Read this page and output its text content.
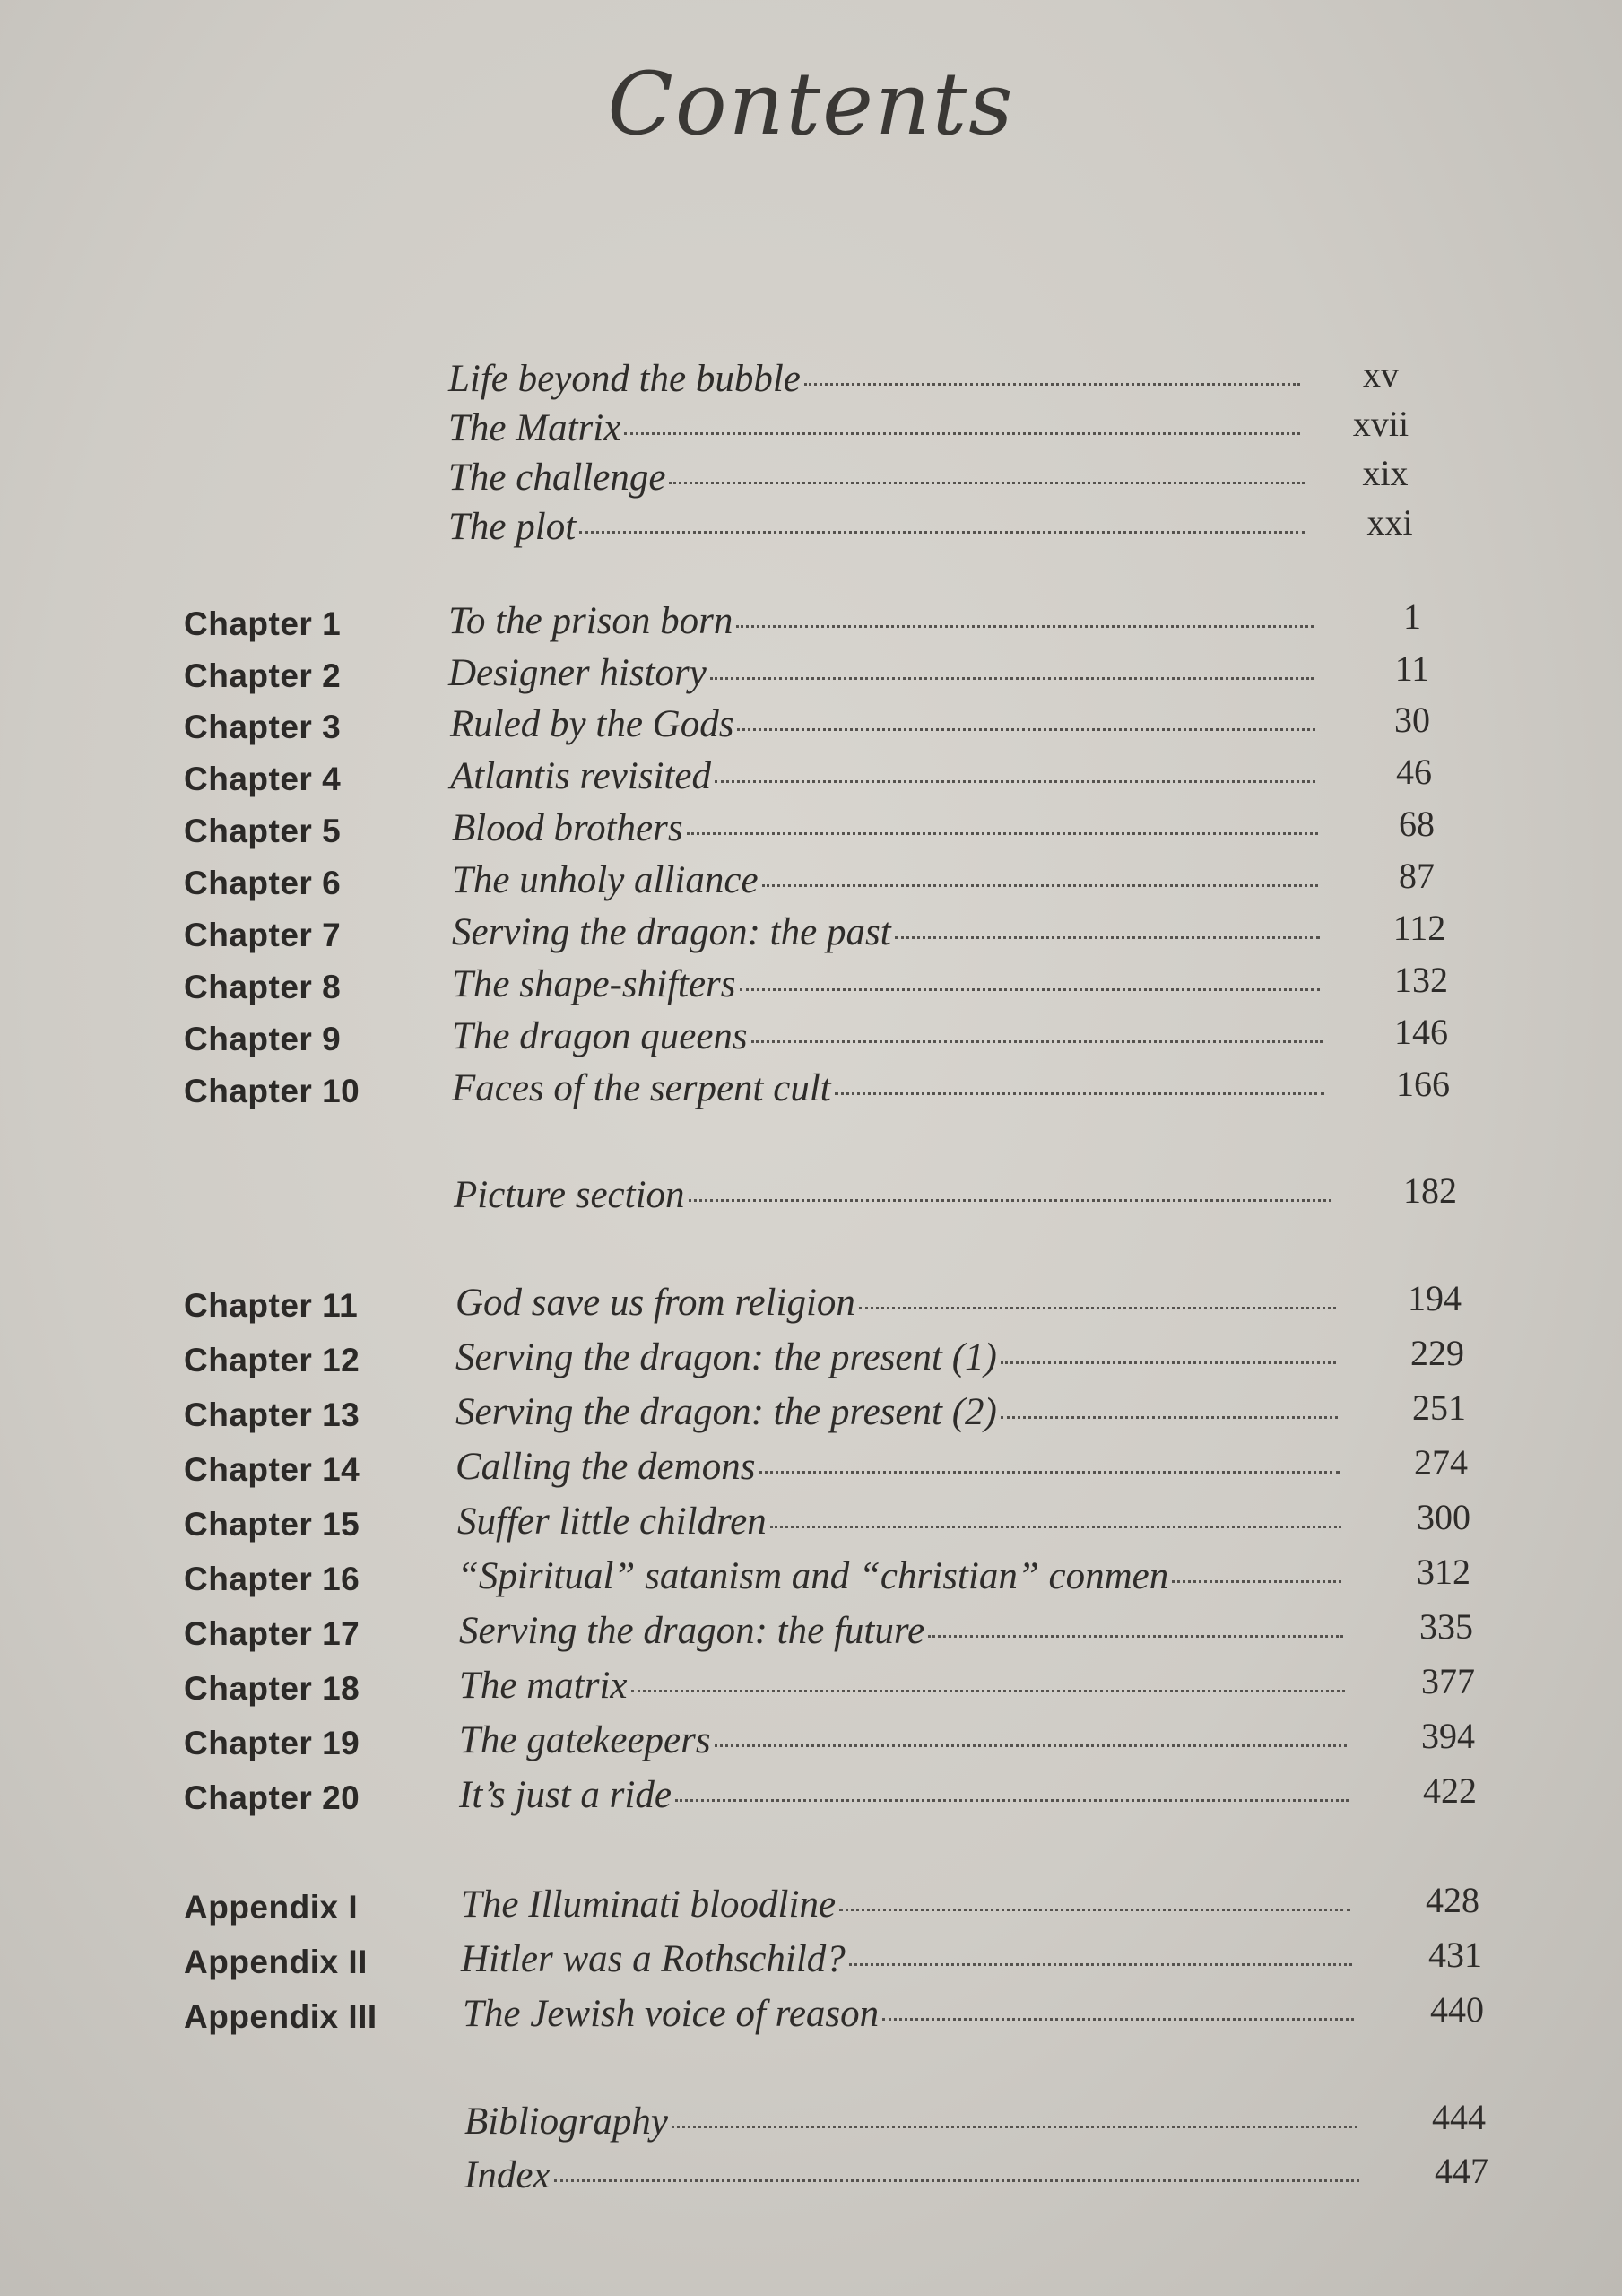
Contents
Life beyond the bubble	xv
The Matrix	xvii
The challenge	xix
The plot	xxi
Chapter 1	To the prison born	1
Chapter 2	Designer history	11
Chapter 3	Ruled by the Gods	30
Chapter 4	Atlantis revisited	46
Chapter 5	Blood brothers	68
Chapter 6	The unholy alliance	87
Chapter 7	Serving the dragon: the past	112
Chapter 8	The shape-shifters	132
Chapter 9	The dragon queens	146
Chapter 10 Faces of the serpent cult	166
Picture section	182
Chapter 11	God save us from religion	194
Chapter 12 Serving the dragon: the present (1)	229
Chapter 13 Serving the dragon: the present (2)	251
Chapter 14 Calling the demons	274
Chapter 15	Suffer little children	300
Chapter 16	“Spiritual” satanism and “christian” conmen	312
Chapter 17	Serving the dragon: the future	335
Chapter 18	The matrix	377
Chapter 19	The gatekeepers	394
Chapter 20	It’s just a ride	422
Appendix I	The Illuminati bloodline	428
Appendix II Hitler was a Rothschild?	431
Appendix III The Jewish voice of reason	440
Bibliography	444
Index	447
